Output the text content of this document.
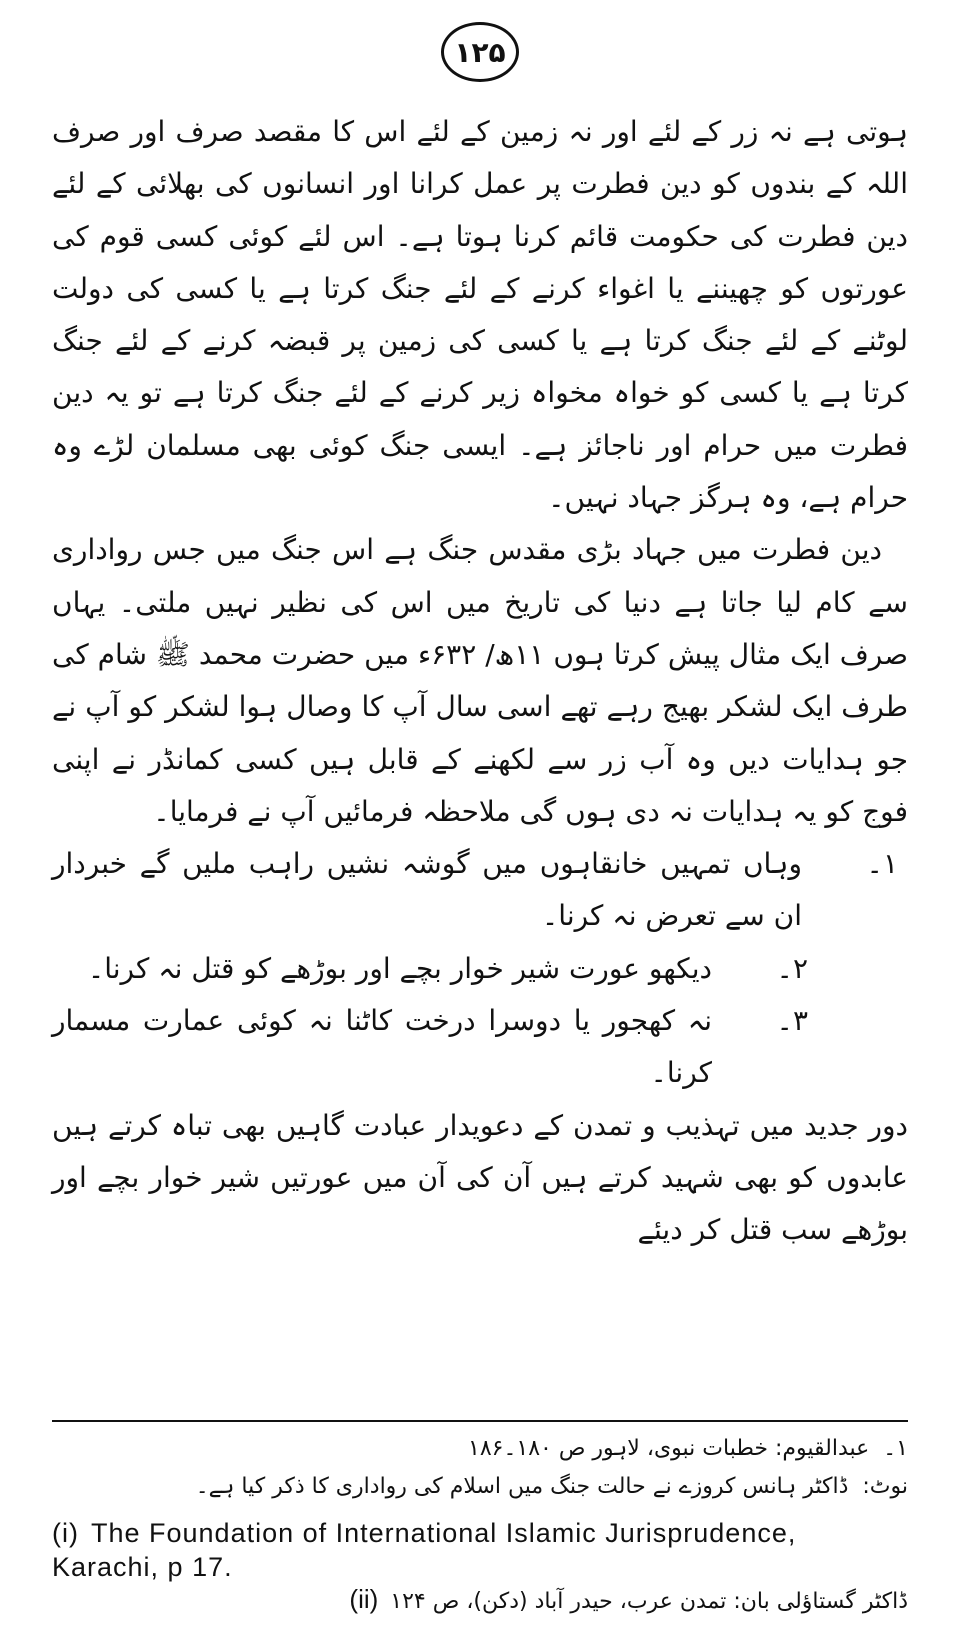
۱۲۵

ہوتی ہے نہ زر کے لئے اور نہ زمین کے لئے اس کا مقصد صرف اور صرف اللہ کے بندوں کو دین فطرت پر عمل کرانا اور انسانوں کی بھلائی کے لئے دین فطرت کی حکومت قائم کرنا ہوتا ہے۔ اس لئے کوئی کسی قوم کی عورتوں کو چھیننے یا اغواء کرنے کے لئے جنگ کرتا ہے یا کسی کی دولت لوٹنے کے لئے جنگ کرتا ہے یا کسی کی زمین پر قبضہ کرنے کے لئے جنگ کرتا ہے یا کسی کو خواہ مخواہ زیر کرنے کے لئے جنگ کرتا ہے تو یہ دین فطرت میں حرام اور ناجائز ہے۔ ایسی جنگ کوئی بھی مسلمان لڑے وہ حرام ہے، وہ ہرگز جہاد نہیں۔

دین فطرت میں جہاد بڑی مقدس جنگ ہے اس جنگ میں جس رواداری سے کام لیا جاتا ہے دنیا کی تاریخ میں اس کی نظیر نہیں ملتی۔ یہاں صرف ایک مثال پیش کرتا ہوں ۱۱ھ/ ۶۳۲ء میں حضرت محمد ﷺ شام کی طرف ایک لشکر بھیج رہے تھے اسی سال آپ کا وصال ہوا لشکر کو آپ نے جو ہدایات دیں وہ آب زر سے لکھنے کے قابل ہیں کسی کمانڈر نے اپنی فوج کو یہ ہدایات نہ دی ہوں گی ملاحظہ فرمائیں آپ نے فرمایا۔

۱۔
وہاں تمہیں خانقاہوں میں گوشہ نشیں راہب ملیں گے خبردار ان سے تعرض نہ کرنا۔
۲۔
دیکھو عورت شیر خوار بچے اور بوڑھے کو قتل نہ کرنا۔
۳۔
نہ کھجور یا دوسرا درخت کاٹنا نہ کوئی عمارت مسمار کرنا۔

دور جدید میں تہذیب و تمدن کے دعویدار عبادت گاہیں بھی تباہ کرتے ہیں عابدوں کو بھی شہید کرتے ہیں آن کی آن میں عورتیں شیر خوار بچے اور بوڑھے سب قتل کر دیئے

۱۔عبدالقیوم: خطبات نبوی، لاہور ص ۱۸۰۔۱۸۶
نوٹ:ڈاکٹر ہانس کروزے نے حالت جنگ میں اسلام کی رواداری کا ذکر کیا ہے۔
(i) The Foundation of International Islamic Jurisprudence, Karachi, p 17.
ڈاکٹر گستاؤلی بان: تمدن عرب، حیدر آباد (دکن)، ص ۱۲۴(ii)
